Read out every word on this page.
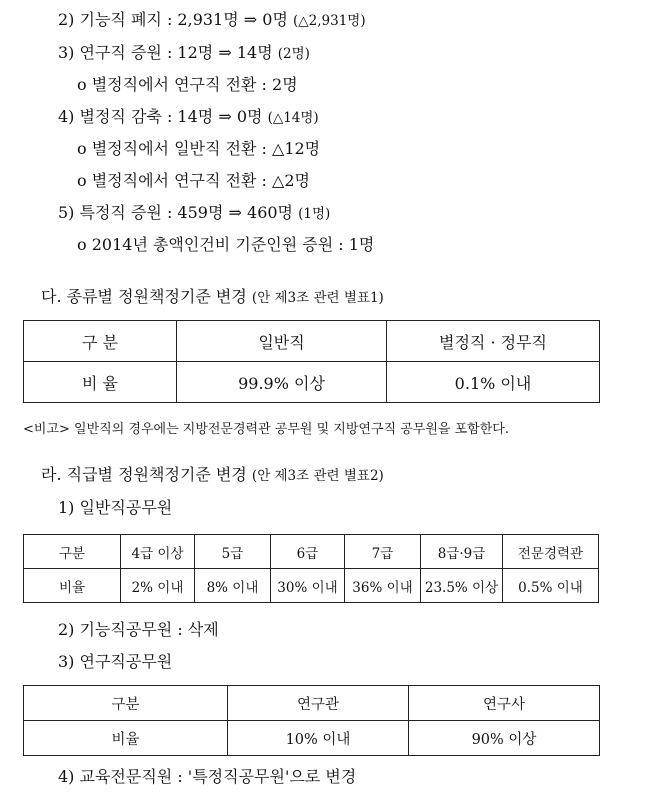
2) 기능직 폐지 : 2,931명 ⇒ 0명 (△2,931명)
3) 연구직 증원 : 12명 ⇒ 14명 (2명)
o 별정직에서 연구직 전환 : 2명
4) 별정직 감축 : 14명 ⇒ 0명 (△14명)
o 별정직에서 일반직 전환 : △12명
o 별정직에서 연구직 전환 : △2명
5) 특정직 증원 : 459명 ⇒ 460명 (1명)
o 2014년 총액인건비 기준인원 증원 : 1명
다. 종류별 정원책정기준 변경 (안 제3조 관련 별표1)
구 분	일반직	별정직 · 정무직
비 율	99.9% 이상	0.1% 이내
<비고> 일반직의 경우에는 지방전문경력관 공무원 및 지방연구직 공무원을 포함한다.
라. 직급별 정원책정기준 변경 (안 제3조 관련 별표2)
1) 일반직공무원
구분	4급 이상	5급	6급	7급	8급·9급	전문경력관
비율	2% 이내	8% 이내	30% 이내	36% 이내	23.5% 이상	0.5% 이내
2) 기능직공무원 : 삭제
3) 연구직공무원
구분	연구관	연구사
비율	10% 이내	90% 이상
4) 교육전문직원 : '특정직공무원'으로 변경
